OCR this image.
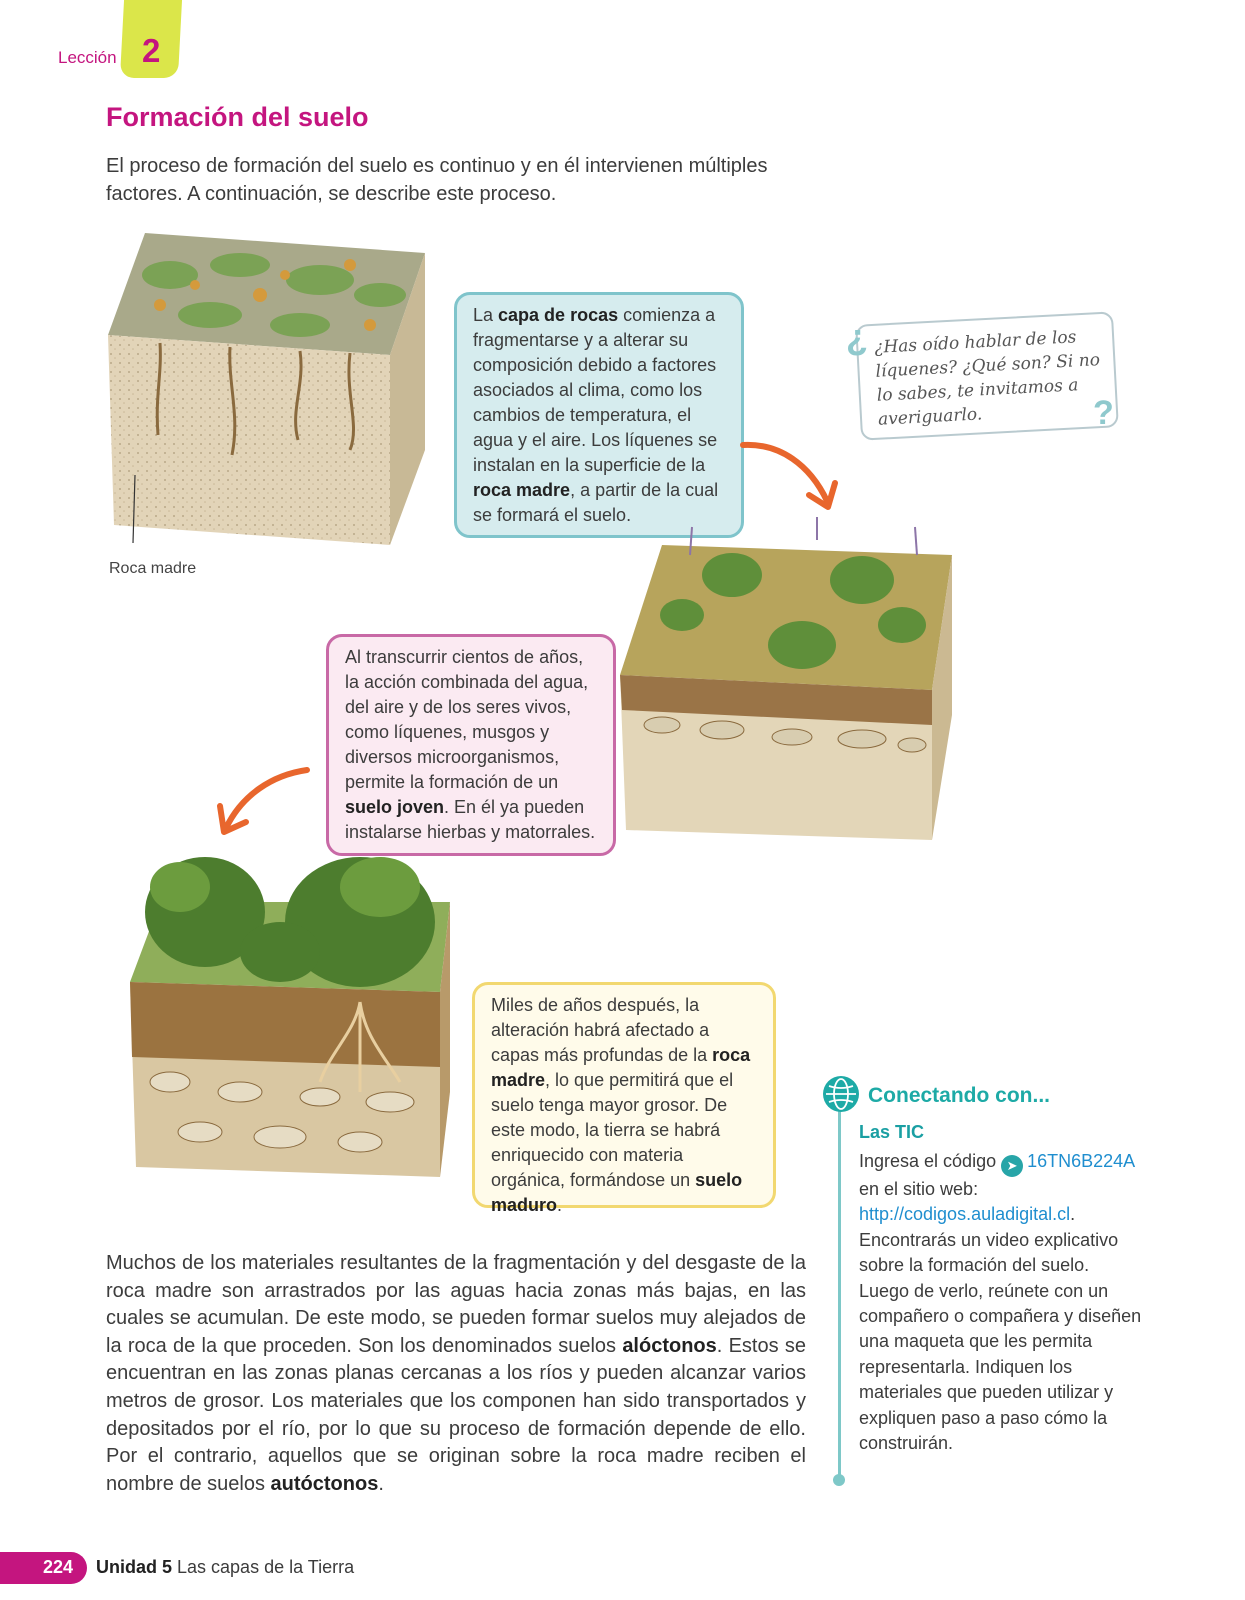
Lección 2
Formación del suelo
El proceso de formación del suelo es continuo y en él intervienen múltiples factores. A continuación, se describe este proceso.
Roca madre
La capa de rocas comienza a fragmentarse y a alterar su composición debido a factores asociados al clima, como los cambios de temperatura, el agua y el aire. Los líquenes se instalan en la superficie de la roca madre, a partir de la cual se formará el suelo.
¿Has oído hablar de los líquenes? ¿Qué son? Si no lo sabes, te invitamos a averiguarlo.
¿
?
Al transcurrir cientos de años, la acción combinada del agua, del aire y de los seres vivos, como líquenes, musgos y diversos microorganismos, permite la formación de un suelo joven. En él ya pueden instalarse hierbas y matorrales.
Miles de años después, la alteración habrá afectado a capas más profundas de la roca madre, lo que permitirá que el suelo tenga mayor grosor. De este modo, la tierra se habrá enriquecido con materia orgánica, formándose un suelo maduro.
Muchos de los materiales resultantes de la fragmentación y del desgaste de la roca madre son arrastrados por las aguas hacia zonas más bajas, en las cuales se acumulan. De este modo, se pueden formar suelos muy alejados de la roca de la que proceden. Son los denominados suelos alóctonos. Estos se encuentran en las zonas planas cercanas a los ríos y pueden alcanzar varios metros de grosor. Los materiales que los componen han sido transportados y depositados por el río, por lo que su proceso de formación depende de ello. Por el contrario, aquellos que se originan sobre la roca madre reciben el nombre de suelos autóctonos.
Conectando con...
Las TIC
Ingresa el código ➤ 16TN6B224A en el sitio web: http://codigos.auladigital.cl. Encontrarás un video explicativo sobre la formación del suelo. Luego de verlo, reúnete con un compañero o compañera y diseñen una maqueta que les permita representarla. Indiquen los materiales que pueden utilizar y expliquen paso a paso cómo la construirán.
224 Unidad 5 Las capas de la Tierra
